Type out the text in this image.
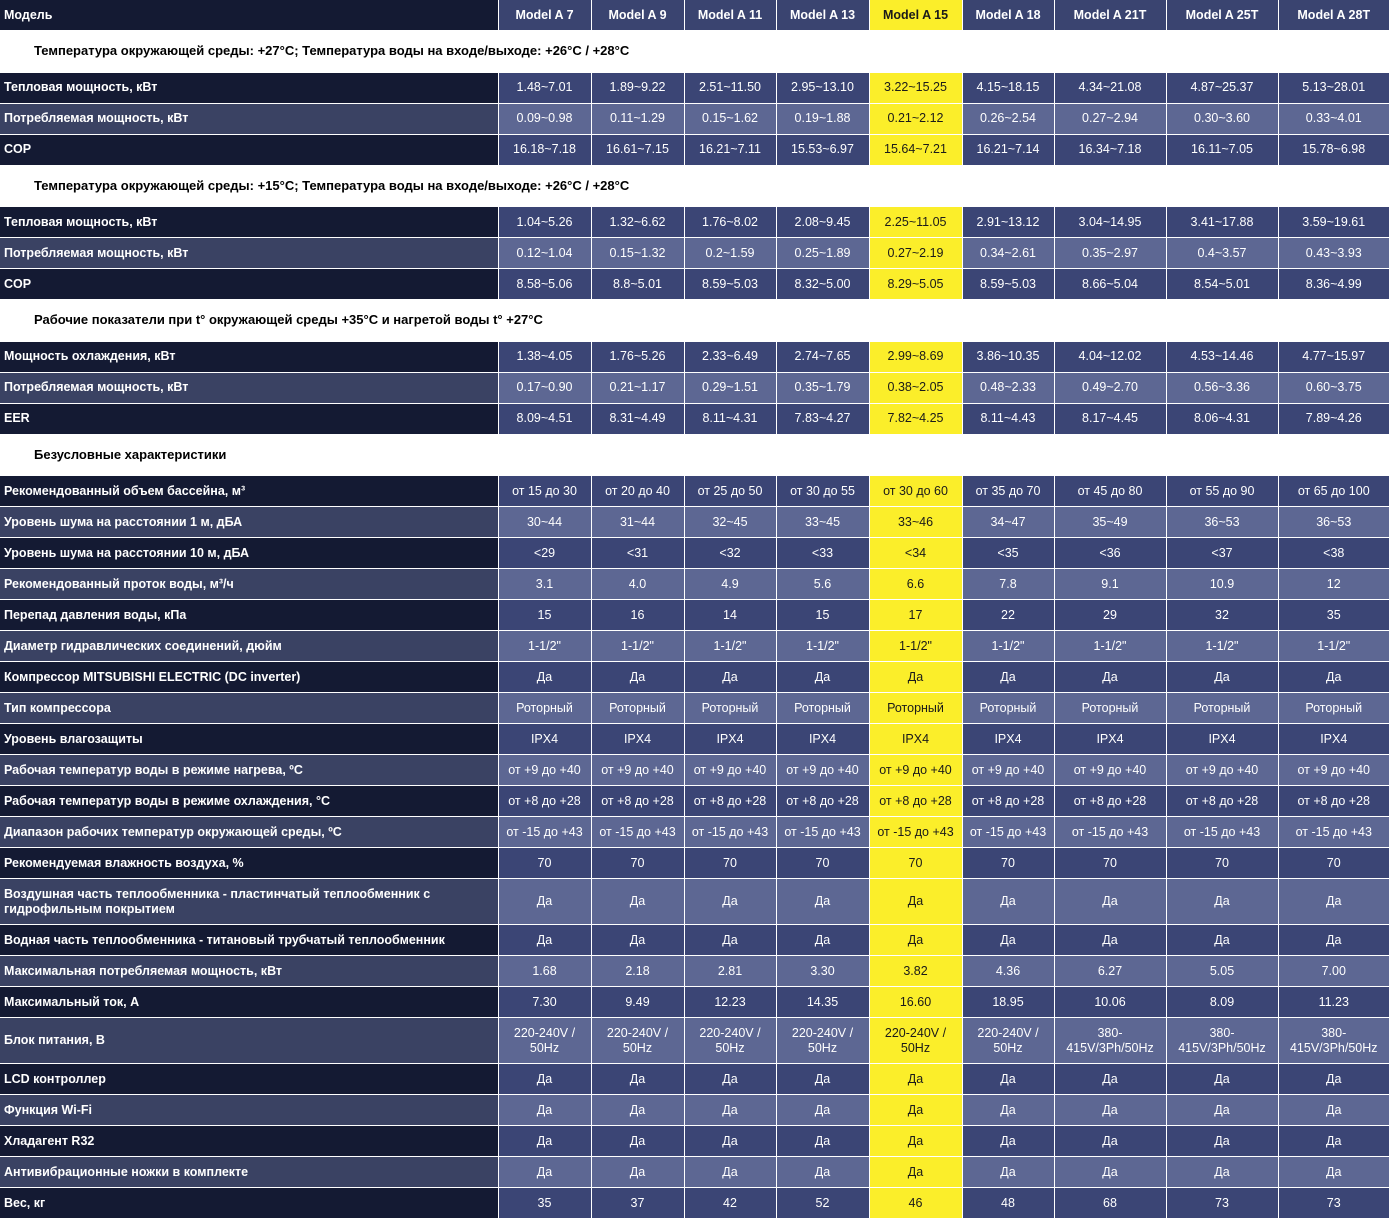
Модель	Model A 7	Model A 9	Model A 11	Model A 13	Model A 15	Model A 18	Model A 21T	Model A 25T	Model A 28T
Температура окружающей среды: +27°C; Температура воды на входе/выходе: +26°C / +28°C									
Тепловая мощность, кВт	1.48~7.01	1.89~9.22	2.51~11.50	2.95~13.10	3.22~15.25	4.15~18.15	4.34~21.08	4.87~25.37	5.13~28.01
Потребляемая мощность, кВт	0.09~0.98	0.11~1.29	0.15~1.62	0.19~1.88	0.21~2.12	0.26~2.54	0.27~2.94	0.30~3.60	0.33~4.01
COP	16.18~7.18	16.61~7.15	16.21~7.11	15.53~6.97	15.64~7.21	16.21~7.14	16.34~7.18	16.11~7.05	15.78~6.98
Температура окружающей среды: +15°C; Температура воды на входе/выходе: +26°C / +28°C									
Тепловая мощность, кВт	1.04~5.26	1.32~6.62	1.76~8.02	2.08~9.45	2.25~11.05	2.91~13.12	3.04~14.95	3.41~17.88	3.59~19.61
Потребляемая мощность, кВт	0.12~1.04	0.15~1.32	0.2~1.59	0.25~1.89	0.27~2.19	0.34~2.61	0.35~2.97	0.4~3.57	0.43~3.93
COP	8.58~5.06	8.8~5.01	8.59~5.03	8.32~5.00	8.29~5.05	8.59~5.03	8.66~5.04	8.54~5.01	8.36~4.99
Рабочие показатели при t° окружающей среды +35°С и нагретой воды t° +27°С									
Мощность охлаждения, кВт	1.38~4.05	1.76~5.26	2.33~6.49	2.74~7.65	2.99~8.69	3.86~10.35	4.04~12.02	4.53~14.46	4.77~15.97
Потребляемая мощность, кВт	0.17~0.90	0.21~1.17	0.29~1.51	0.35~1.79	0.38~2.05	0.48~2.33	0.49~2.70	0.56~3.36	0.60~3.75
EER	8.09~4.51	8.31~4.49	8.11~4.31	7.83~4.27	7.82~4.25	8.11~4.43	8.17~4.45	8.06~4.31	7.89~4.26
Безусловные характеристики									
Рекомендованный объем бассейна, м³	от 15 до 30	от 20 до 40	от 25 до 50	от 30 до 55	от 30 до 60	от 35 до 70	от 45 до 80	от 55 до 90	от 65 до 100
Уровень шума на расстоянии 1 м, дБА	30~44	31~44	32~45	33~45	33~46	34~47	35~49	36~53	36~53
Уровень шума на расстоянии 10 м, дБА	<29	<31	<32	<33	<34	<35	<36	<37	<38
Рекомендованный проток воды, м³/ч	3.1	4.0	4.9	5.6	6.6	7.8	9.1	10.9	12
Перепад давления воды, кПа	15	16	14	15	17	22	29	32	35
Диаметр гидравлических соединений, дюйм	1-1/2"	1-1/2"	1-1/2"	1-1/2"	1-1/2"	1-1/2"	1-1/2"	1-1/2"	1-1/2"
Компрессор MITSUBISHI ELECTRIC (DC inverter)	Да	Да	Да	Да	Да	Да	Да	Да	Да
Тип компрессора	Роторный	Роторный	Роторный	Роторный	Роторный	Роторный	Роторный	Роторный	Роторный
Уровень влагозащиты	IPX4	IPX4	IPX4	IPX4	IPX4	IPX4	IPX4	IPX4	IPX4
Рабочая температур воды в режиме нагрева, ºС	от +9 до +40	от +9 до +40	от +9 до +40	от +9 до +40	от +9 до +40	от +9 до +40	от +9 до +40	от +9 до +40	от +9 до +40
Рабочая температур воды в режиме охлаждения, °С	от +8 до +28	от +8 до +28	от +8 до +28	от +8 до +28	от +8 до +28	от +8 до +28	от +8 до +28	от +8 до +28	от +8 до +28
Диапазон рабочих температур окружающей среды, ºС	от -15 до +43	от -15 до +43	от -15 до +43	от -15 до +43	от -15 до +43	от -15 до +43	от -15 до +43	от -15 до +43	от -15 до +43
Рекомендуемая влажность воздуха, %	70	70	70	70	70	70	70	70	70
Воздушная часть теплообменника - пластинчатый теплообменник с гидрофильным покрытием	Да	Да	Да	Да	Да	Да	Да	Да	Да
Водная часть теплообменника - титановый трубчатый теплообменник	Да	Да	Да	Да	Да	Да	Да	Да	Да
Максимальная потребляемая мощность, кВт	1.68	2.18	2.81	3.30	3.82	4.36	6.27	5.05	7.00
Максимальный ток, А	7.30	9.49	12.23	14.35	16.60	18.95	10.06	8.09	11.23
Блок питания, В	220-240V / 50Hz	220-240V / 50Hz	220-240V / 50Hz	220-240V / 50Hz	220-240V / 50Hz	220-240V / 50Hz	380-415V/3Ph/50Hz	380-415V/3Ph/50Hz	380-415V/3Ph/50Hz
LCD контроллер	Да	Да	Да	Да	Да	Да	Да	Да	Да
Функция Wi-Fi	Да	Да	Да	Да	Да	Да	Да	Да	Да
Хладагент R32	Да	Да	Да	Да	Да	Да	Да	Да	Да
Антивибрационные ножки в комплекте	Да	Да	Да	Да	Да	Да	Да	Да	Да
Вес, кг	35	37	42	52	46	48	68	73	73
